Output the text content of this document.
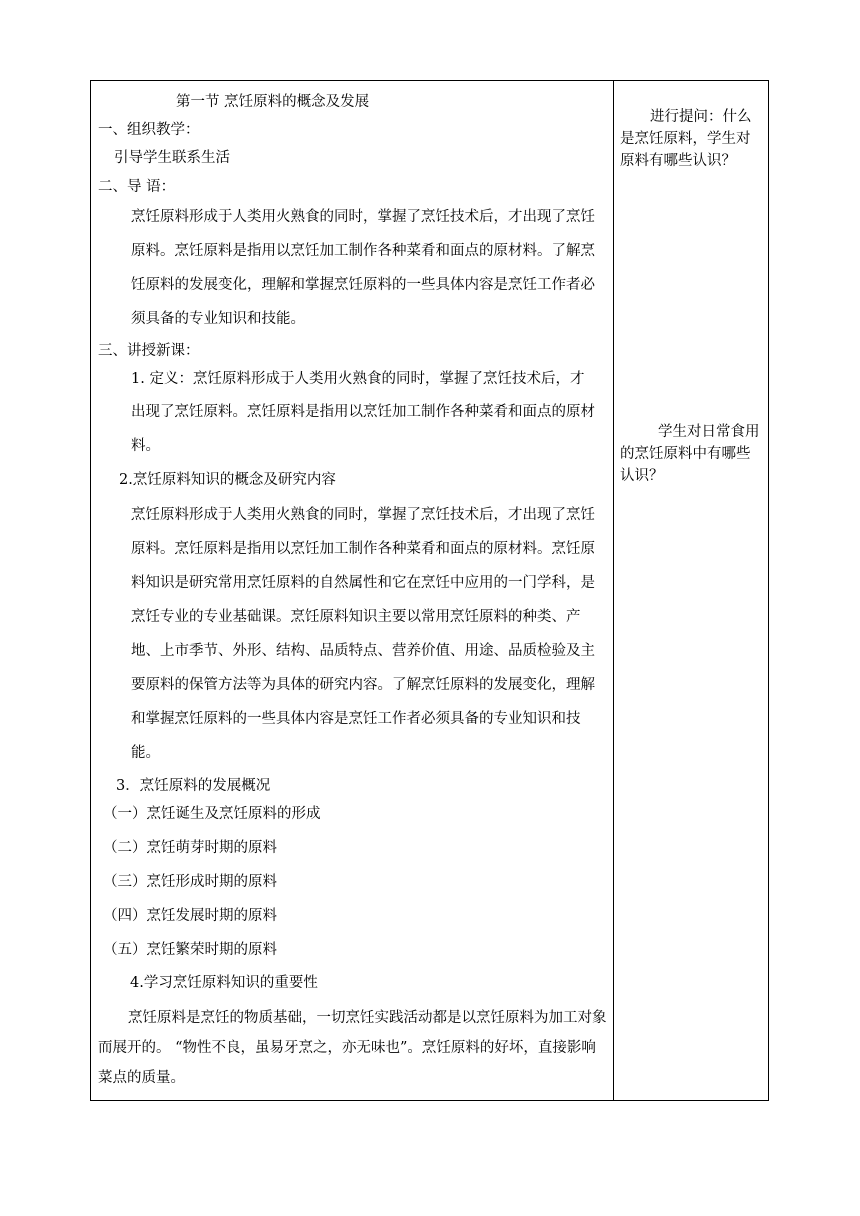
第一节 烹饪原料的概念及发展
一、组织教学：
引导学生联系生活
二、导 语：
烹饪原料形成于人类用火熟食的同时，掌握了烹饪技术后，才出现了烹饪原料。烹饪原料是指用以烹饪加工制作各种菜肴和面点的原材料。了解烹饪原料的发展变化，理解和掌握烹饪原料的一些具体内容是烹饪工作者必须具备的专业知识和技能。
三、讲授新课：
1. 定义：烹饪原料形成于人类用火熟食的同时，掌握了烹饪技术后，才
出现了烹饪原料。烹饪原料是指用以烹饪加工制作各种菜肴和面点的原材料。
2.烹饪原料知识的概念及研究内容
烹饪原料形成于人类用火熟食的同时，掌握了烹饪技术后，才出现了烹饪原料。烹饪原料是指用以烹饪加工制作各种菜肴和面点的原材料。烹饪原料知识是研究常用烹饪原料的自然属性和它在烹饪中应用的一门学科，是烹饪专业的专业基础课。烹饪原料知识主要以常用烹饪原料的种类、产地、上市季节、外形、结构、品质特点、营养价值、用途、品质检验及主要原料的保管方法等为具体的研究内容。了解烹饪原料的发展变化，理解和掌握烹饪原料的一些具体内容是烹饪工作者必须具备的专业知识和技能。
3．烹饪原料的发展概况
（一）烹饪诞生及烹饪原料的形成
（二）烹饪萌芽时期的原料
（三）烹饪形成时期的原料
（四）烹饪发展时期的原料
（五）烹饪繁荣时期的原料
4.学习烹饪原料知识的重要性
烹饪原料是烹饪的物质基础，一切烹饪实践活动都是以烹饪原料为加工对象而展开的。 “物性不良，虽易牙烹之，亦无味也”。烹饪原料的好坏，直接影响菜点的质量。
进行提问：什么是烹饪原料，学生对原料有哪些认识？
学生对日常食用的烹饪原料中有哪些认识？
